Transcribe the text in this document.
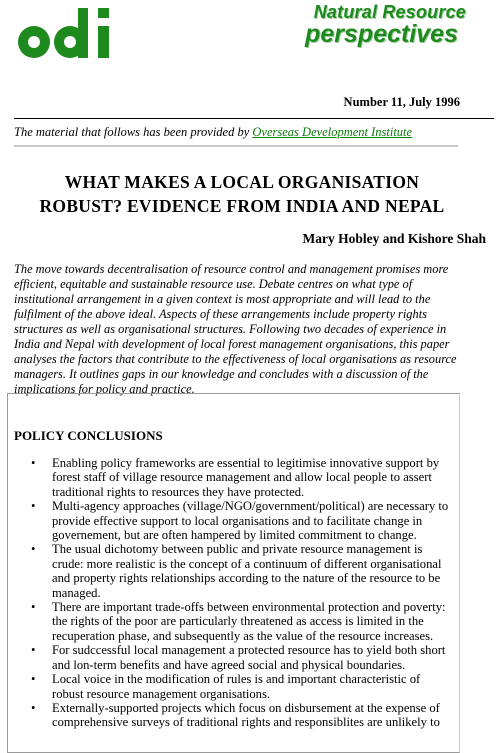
Natural Resource
perspectives
Number 11, July 1996
The material that follows has been provided by Overseas Development Institute
WHAT MAKES A LOCAL ORGANISATION
ROBUST? EVIDENCE FROM INDIA AND NEPAL
Mary Hobley and Kishore Shah
The move towards decentralisation of resource control and management promises more efficient, equitable and sustainable resource use. Debate centres on what type of institutional arrangement in a given context is most appropriate and will lead to the fulfilment of the above ideal. Aspects of these arrangements include property rights structures as well as organisational structures. Following two decades of experience in India and Nepal with development of local forest management organisations, this paper analyses the factors that contribute to the effectiveness of local organisations as resource managers. It outlines gaps in our knowledge and concludes with a discussion of the implications for policy and practice.
POLICY CONCLUSIONS
• Enabling policy frameworks are essential to legitimise innovative support by forest staff of village resource management and allow local people to assert traditional rights to resources they have protected.
• Multi-agency approaches (village/NGO/government/political) are necessary to provide effective support to local organisations and to facilitate change in governement, but are often hampered by limited commitment to change.
• The usual dichotomy between public and private resource management is crude: more realistic is the concept of a continuum of different organisational and property rights relationships according to the nature of the resource to be managed.
• There are important trade-offs between environmental protection and poverty: the rights of the poor are particularly threatened as access is limited in the recuperation phase, and subsequently as the value of the resource increases.
• For sudccessful local management a protected resource has to yield both short and lon-term benefits and have agreed social and physical boundaries.
• Local voice in the modification of rules is and important characteristic of robust resource management organisations.
• Externally-supported projects which focus on disbursement at the expense of comprehensive surveys of traditional rights and responsiblites are unlikely to
